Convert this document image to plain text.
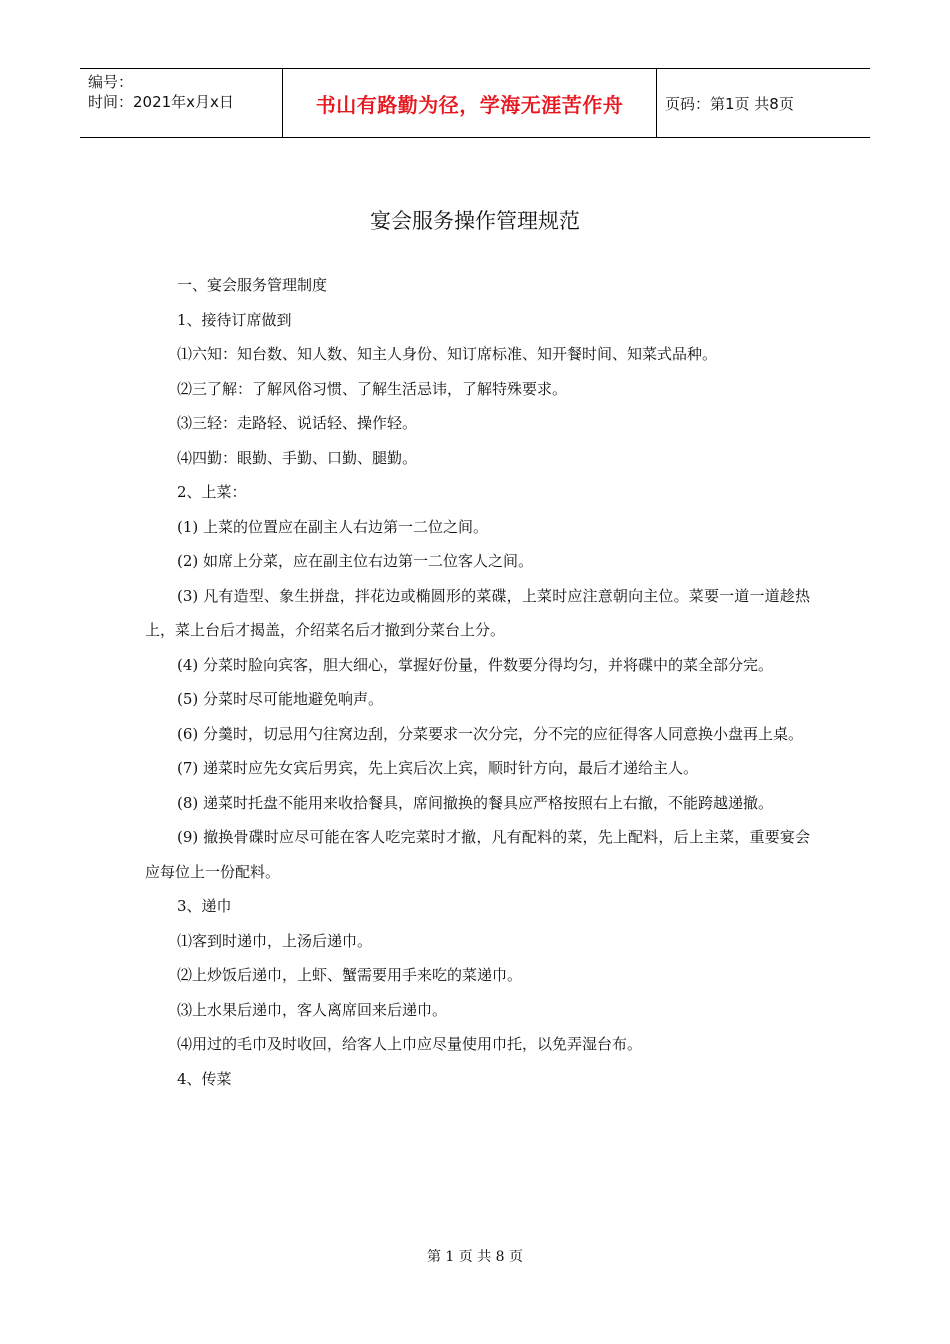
编号：
时间：2021年x月x日	书山有路勤为径，学海无涯苦作舟	页码：第1页 共8页
宴会服务操作管理规范

一、宴会服务管理制度

1、接待订席做到

⑴六知：知台数、知人数、知主人身份、知订席标准、知开餐时间、知菜式品种。

⑵三了解：了解风俗习惯、了解生活忌讳，了解特殊要求。

⑶三轻：走路轻、说话轻、操作轻。

⑷四勤：眼勤、手勤、口勤、腿勤。

2、上菜：

(1) 上菜的位置应在副主人右边第一二位之间。

(2) 如席上分菜，应在副主位右边第一二位客人之间。

(3) 凡有造型、象生拼盘，拌花边或椭圆形的菜碟，上菜时应注意朝向主位。菜要一道一道趁热上，菜上台后才揭盖，介绍菜名后才撤到分菜台上分。

(4) 分菜时脸向宾客，胆大细心，掌握好份量，件数要分得均匀，并将碟中的菜全部分完。

(5) 分菜时尽可能地避免响声。

(6) 分羹时，切忌用勺往窝边刮，分菜要求一次分完，分不完的应征得客人同意换小盘再上桌。

(7) 递菜时应先女宾后男宾，先上宾后次上宾，顺时针方向，最后才递给主人。

(8) 递菜时托盘不能用来收拾餐具，席间撤换的餐具应严格按照右上右撤，不能跨越递撤。

(9) 撤换骨碟时应尽可能在客人吃完菜时才撤，凡有配料的菜，先上配料，后上主菜，重要宴会应每位上一份配料。

3、递巾

⑴客到时递巾，上汤后递巾。

⑵上炒饭后递巾，上虾、蟹需要用手来吃的菜递巾。

⑶上水果后递巾，客人离席回来后递巾。

⑷用过的毛巾及时收回，给客人上巾应尽量使用巾托，以免弄湿台布。

4、传菜

第 1 页 共 8 页
